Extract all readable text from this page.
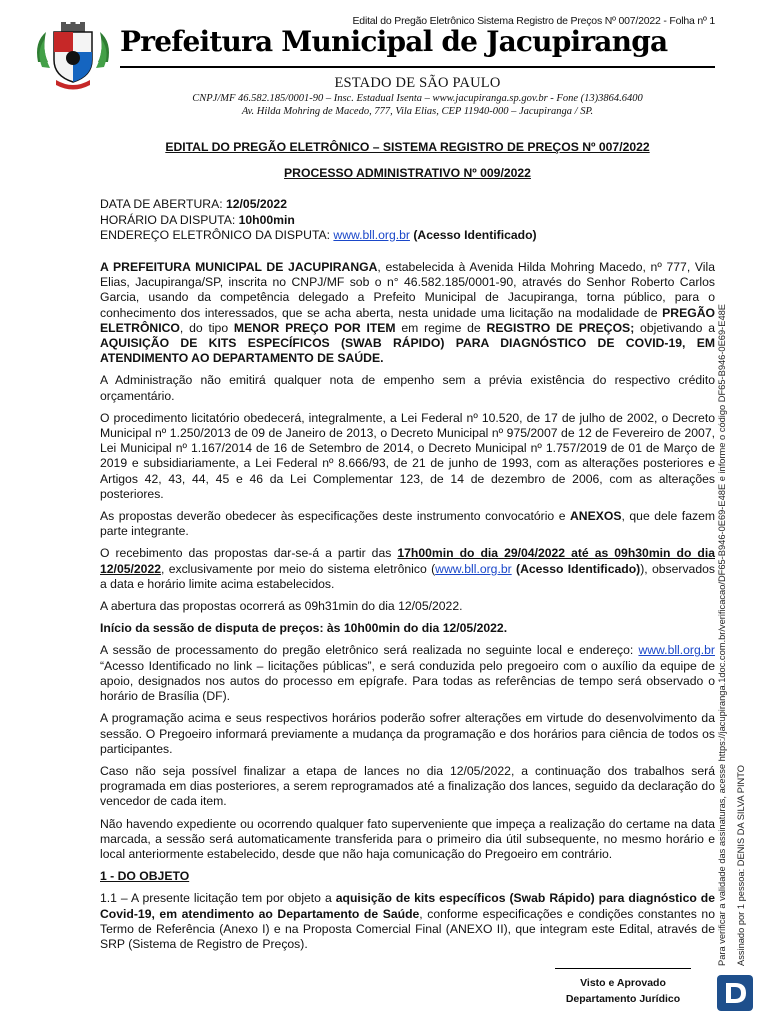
Edital do Pregão Eletrônico Sistema Registro de Preços Nº 007/2022 - Folha nº 1
Prefeitura Municipal de Jacupiranga
ESTADO DE SÃO PAULO
CNPJ/MF 46.582.185/0001-90 – Insc. Estadual Isenta – www.jacupiranga.sp.gov.br - Fone (13)3864.6400
Av. Hilda Mohring de Macedo, 777, Vila Elias, CEP 11940-000 – Jacupiranga / SP.

EDITAL DO PREGÃO ELETRÔNICO – SISTEMA REGISTRO DE PREÇOS Nº 007/2022

PROCESSO ADMINISTRATIVO Nº 009/2022

DATA DE ABERTURA: 12/05/2022

HORÁRIO DA DISPUTA: 10h00min

ENDEREÇO ELETRÔNICO DA DISPUTA: www.bll.org.br (Acesso Identificado)

A PREFEITURA MUNICIPAL DE JACUPIRANGA, estabelecida à Avenida Hilda Mohring Macedo, nº 777, Vila Elias, Jacupiranga/SP, inscrita no CNPJ/MF sob o n° 46.582.185/0001-90, através do Senhor Roberto Carlos Garcia, usando da competência delegado a Prefeito Municipal de Jacupiranga, torna público, para o conhecimento dos interessados, que se acha aberta, nesta unidade uma licitação na modalidade de PREGÃO ELETRÔNICO, do tipo MENOR PREÇO POR ITEM em regime de REGISTRO DE PREÇOS; objetivando a AQUISIÇÃO DE KITS ESPECÍFICOS (SWAB RÁPIDO) PARA DIAGNÓSTICO DE COVID-19, EM ATENDIMENTO AO DEPARTAMENTO DE SAÚDE.

A Administração não emitirá qualquer nota de empenho sem a prévia existência do respectivo crédito orçamentário.

O procedimento licitatório obedecerá, integralmente, a Lei Federal nº 10.520, de 17 de julho de 2002, o Decreto Municipal nº 1.250/2013 de 09 de Janeiro de 2013, o Decreto Municipal nº 975/2007 de 12 de Fevereiro de 2007, Lei Municipal nº 1.167/2014 de 16 de Setembro de 2014, o Decreto Municipal nº 1.757/2019 de 01 de Março de 2019 e subsidiariamente, a Lei Federal nº 8.666/93, de 21 de junho de 1993, com as alterações posteriores e Artigos 42, 43, 44, 45 e 46 da Lei Complementar 123, de 14 de dezembro de 2006, com as alterações posteriores.

As propostas deverão obedecer às especificações deste instrumento convocatório e ANEXOS, que dele fazem parte integrante.

O recebimento das propostas dar-se-á a partir das 17h00min do dia 29/04/2022 até as 09h30min do dia 12/05/2022, exclusivamente por meio do sistema eletrônico (www.bll.org.br (Acesso Identificado)), observados a data e horário limite acima estabelecidos.

A abertura das propostas ocorrerá as 09h31min do dia 12/05/2022.

Início da sessão de disputa de preços: às 10h00min do dia 12/05/2022.

A sessão de processamento do pregão eletrônico será realizada no seguinte local e endereço: www.bll.org.br “Acesso Identificado no link – licitações públicas”, e será conduzida pelo pregoeiro com o auxílio da equipe de apoio, designados nos autos do processo em epígrafe. Para todas as referências de tempo será observado o horário de Brasília (DF).

A programação acima e seus respectivos horários poderão sofrer alterações em virtude do desenvolvimento da sessão. O Pregoeiro informará previamente a mudança da programação e dos horários para ciência de todos os participantes.

Caso não seja possível finalizar a etapa de lances no dia 12/05/2022, a continuação dos trabalhos será programada em dias posteriores, a serem reprogramados até a finalização dos lances, seguido da declaração do vencedor de cada item.

Não havendo expediente ou ocorrendo qualquer fato superveniente que impeça a realização do certame na data marcada, a sessão será automaticamente transferida para o primeiro dia útil subsequente, no mesmo horário e local anteriormente estabelecido, desde que não haja comunicação do Pregoeiro em contrário.

1 - DO OBJETO

1.1 – A presente licitação tem por objeto a aquisição de kits específicos (Swab Rápido) para diagnóstico de Covid-19, em atendimento ao Departamento de Saúde, conforme especificações e condições constantes no Termo de Referência (Anexo I) e na Proposta Comercial Final (ANEXO II), que integram este Edital, através de SRP (Sistema de Registro de Preços).	Para verificar a validade das assinaturas, acesse https://jacupiranga.1doc.com.br/verificacao/DF65-B946-0E69-E48E e informe o código DF65-B946-0E69-E48E Assinado por 1 pessoa: DENIS DA SILVA PINTO
Visto e Aprovado
Departamento Jurídico
